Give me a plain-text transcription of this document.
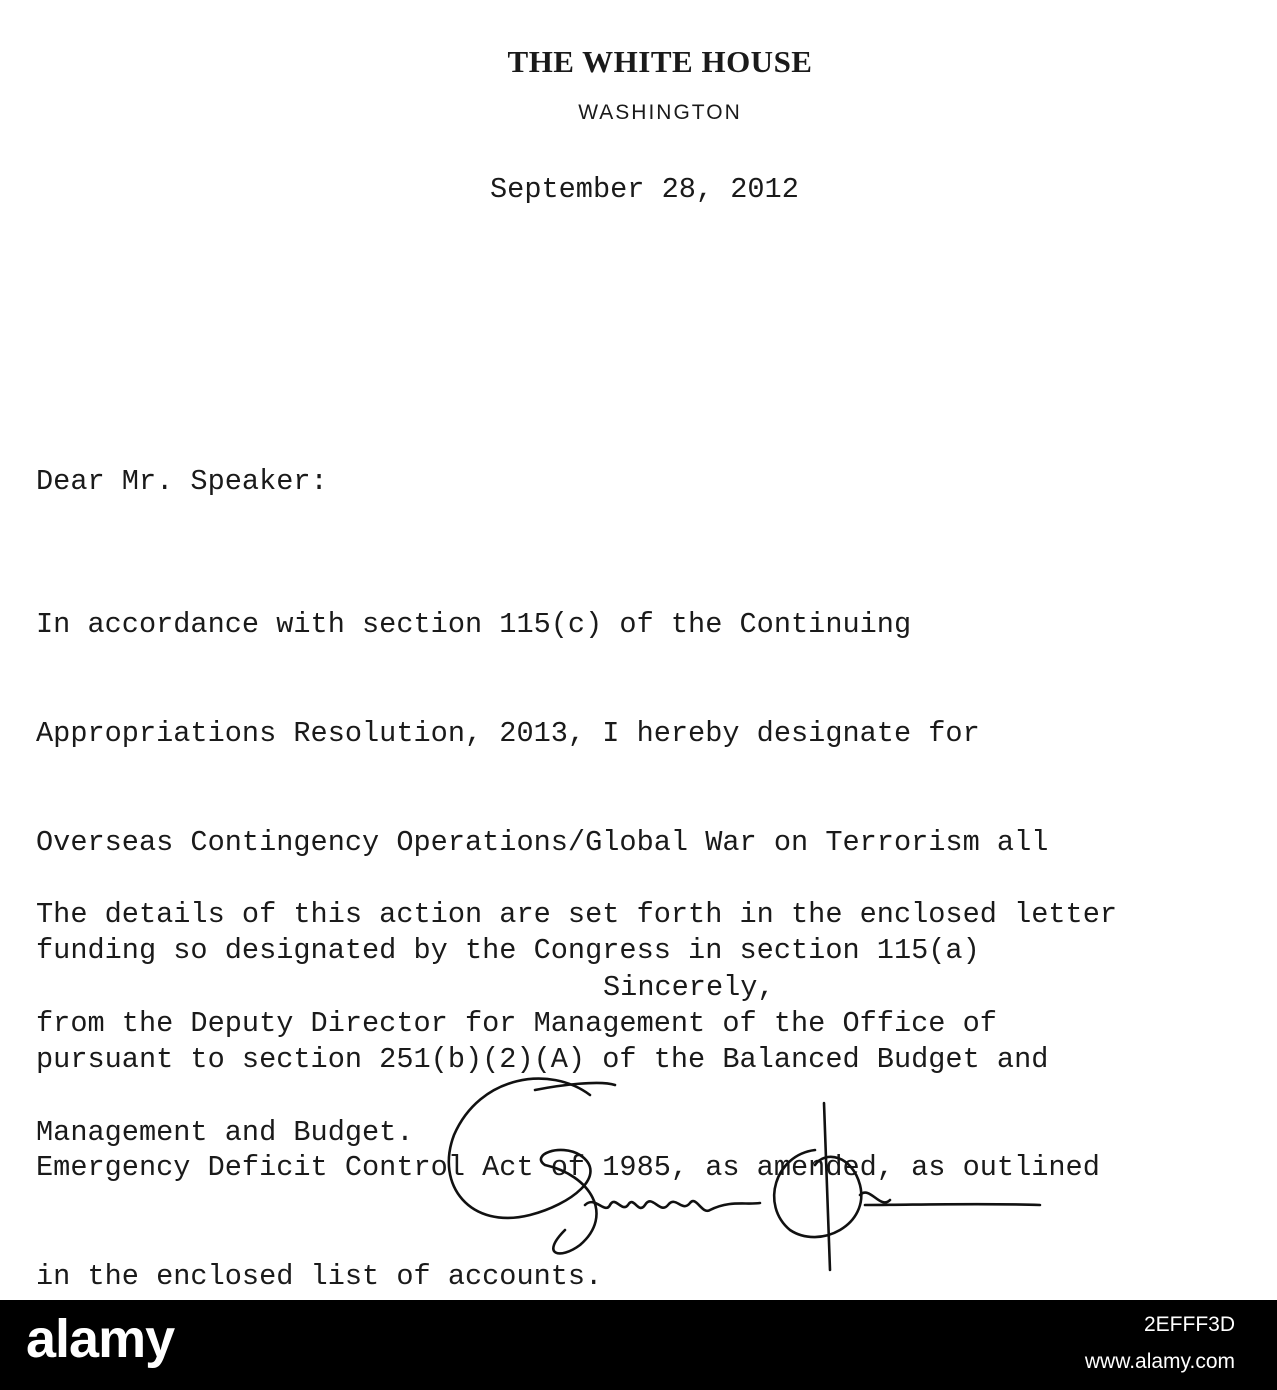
THE WHITE HOUSE
WASHINGTON
September 28, 2012
Dear Mr. Speaker:

In accordance with section 115(c) of the Continuing

Appropriations Resolution, 2013, I hereby designate for

Overseas Contingency Operations/Global War on Terrorism all

funding so designated by the Congress in section 115(a)

pursuant to section 251(b)(2)(A) of the Balanced Budget and

Emergency Deficit Control Act of 1985, as amended, as outlined

in the enclosed list of accounts.

The details of this action are set forth in the enclosed letter

from the Deputy Director for Management of the Office of

Management and Budget.

Sincerely,
alamy	2EFFF3D
www.alamy.com
